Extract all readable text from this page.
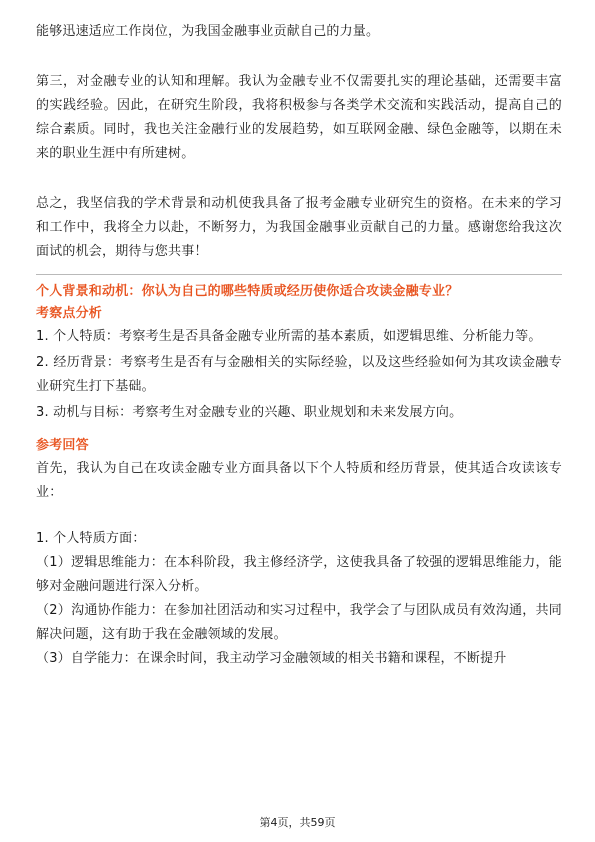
能够迅速适应工作岗位，为我国金融事业贡献自己的力量。

第三，对金融专业的认知和理解。我认为金融专业不仅需要扎实的理论基础，还需要丰富的实践经验。因此，在研究生阶段，我将积极参与各类学术交流和实践活动，提高自己的综合素质。同时，我也关注金融行业的发展趋势，如互联网金融、绿色金融等，以期在未来的职业生涯中有所建树。

总之，我坚信我的学术背景和动机使我具备了报考金融专业研究生的资格。在未来的学习和工作中，我将全力以赴，不断努力，为我国金融事业贡献自己的力量。感谢您给我这次面试的机会，期待与您共事！

个人背景和动机：你认为自己的哪些特质或经历使你适合攻读金融专业？

考察点分析

1. 个人特质：考察考生是否具备金融专业所需的基本素质，如逻辑思维、分析能力等。

2. 经历背景：考察考生是否有与金融相关的实际经验，以及这些经验如何为其攻读金融专业研究生打下基础。

3. 动机与目标：考察考生对金融专业的兴趣、职业规划和未来发展方向。

参考回答

首先，我认为自己在攻读金融专业方面具备以下个人特质和经历背景，使其适合攻读该专业：

1. 个人特质方面：

（1）逻辑思维能力：在本科阶段，我主修经济学，这使我具备了较强的逻辑思维能力，能够对金融问题进行深入分析。

（2）沟通协作能力：在参加社团活动和实习过程中，我学会了与团队成员有效沟通，共同解决问题，这有助于我在金融领域的发展。

（3）自学能力：在课余时间，我主动学习金融领域的相关书籍和课程，不断提升

第4页，共59页
